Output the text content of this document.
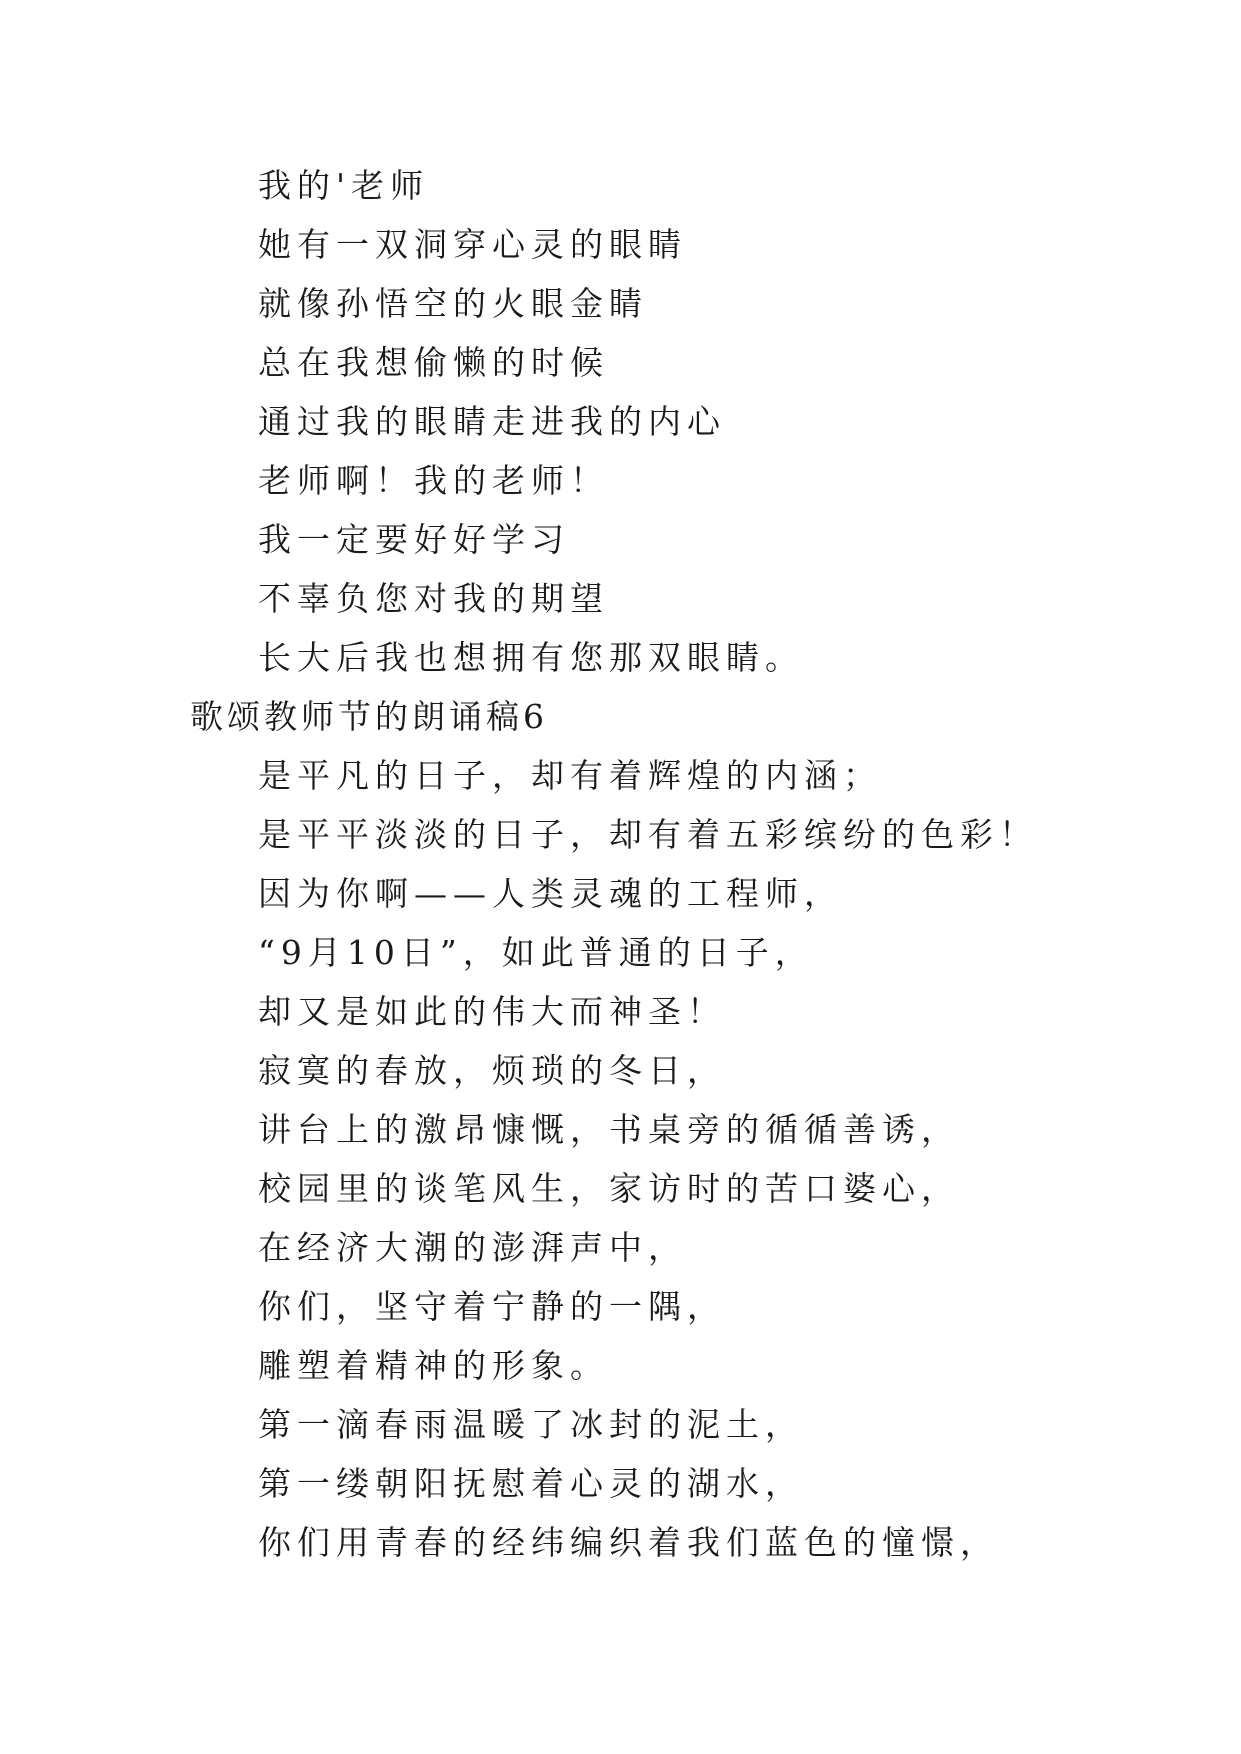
我的'老师
她有一双洞穿心灵的眼睛
就像孙悟空的火眼金睛
总在我想偷懒的时候
通过我的眼睛走进我的内心
老师啊！我的老师！
我一定要好好学习
不辜负您对我的期望
长大后我也想拥有您那双眼睛。
歌颂教师节的朗诵稿6
是平凡的日子，却有着辉煌的内涵；
是平平淡淡的日子，却有着五彩缤纷的色彩！
因为你啊——人类灵魂的工程师，
“9月10日”，如此普通的日子，
却又是如此的伟大而神圣！
寂寞的春放，烦琐的冬日，
讲台上的激昂慷慨，书桌旁的循循善诱，
校园里的谈笔风生，家访时的苦口婆心，
在经济大潮的澎湃声中，
你们，坚守着宁静的一隅，
雕塑着精神的形象。
第一滴春雨温暖了冰封的泥土，
第一缕朝阳抚慰着心灵的湖水，
你们用青春的经纬编织着我们蓝色的憧憬，
